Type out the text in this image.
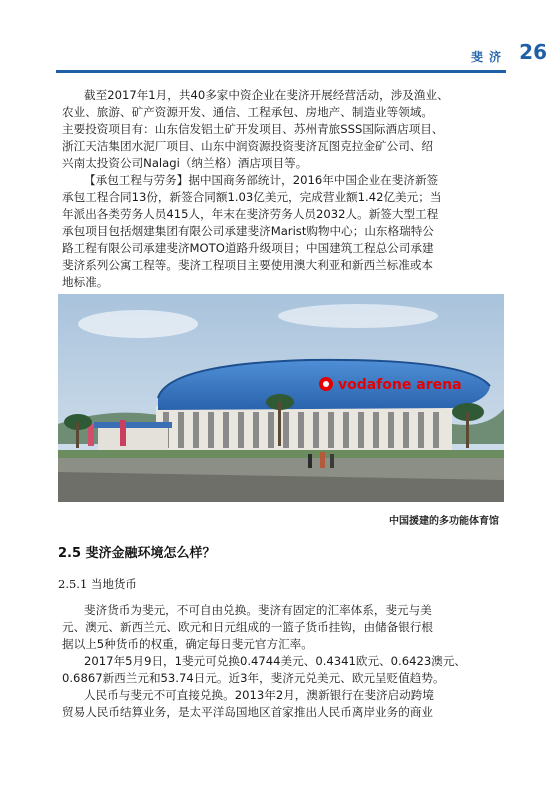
斐济 26
截至2017年1月，共40多家中资企业在斐济开展经营活动，涉及渔业、
农业、旅游、矿产资源开发、通信、工程承包、房地产、制造业等领域。
主要投资项目有：山东信发铝土矿开发项目、苏州青旅SSS国际酒店项目、
浙江天洁集团水泥厂项目、山东中润资源投资斐济瓦图克拉金矿公司、绍
兴南太投资公司Nalagi（纳兰格）酒店项目等。
【承包工程与劳务】据中国商务部统计，2016年中国企业在斐济新签
承包工程合同13份，新签合同额1.03亿美元，完成营业额1.42亿美元；当
年派出各类劳务人员415人，年末在斐济劳务人员2032人。新签大型工程
承包项目包括烟建集团有限公司承建斐济Marist购物中心；山东格瑞特公
路工程有限公司承建斐济MOTO道路升级项目；中国建筑工程总公司承建
斐济系列公寓工程等。斐济工程项目主要使用澳大利亚和新西兰标准或本
地标准。
vodafone arena
中国援建的多功能体育馆
2.5 斐济金融环境怎么样？
2.5.1 当地货币
斐济货币为斐元，不可自由兑换。斐济有固定的汇率体系，斐元与美
元、澳元、新西兰元、欧元和日元组成的一篮子货币挂钩，由储备银行根
据以上5种货币的权重，确定每日斐元官方汇率。
2017年5月9日，1斐元可兑换0.4744美元、0.4341欧元、0.6423澳元、
0.6867新西兰元和53.74日元。近3年，斐济元兑美元、欧元呈贬值趋势。
人民币与斐元不可直接兑换。2013年2月，澳新银行在斐济启动跨境
贸易人民币结算业务，是太平洋岛国地区首家推出人民币离岸业务的商业
